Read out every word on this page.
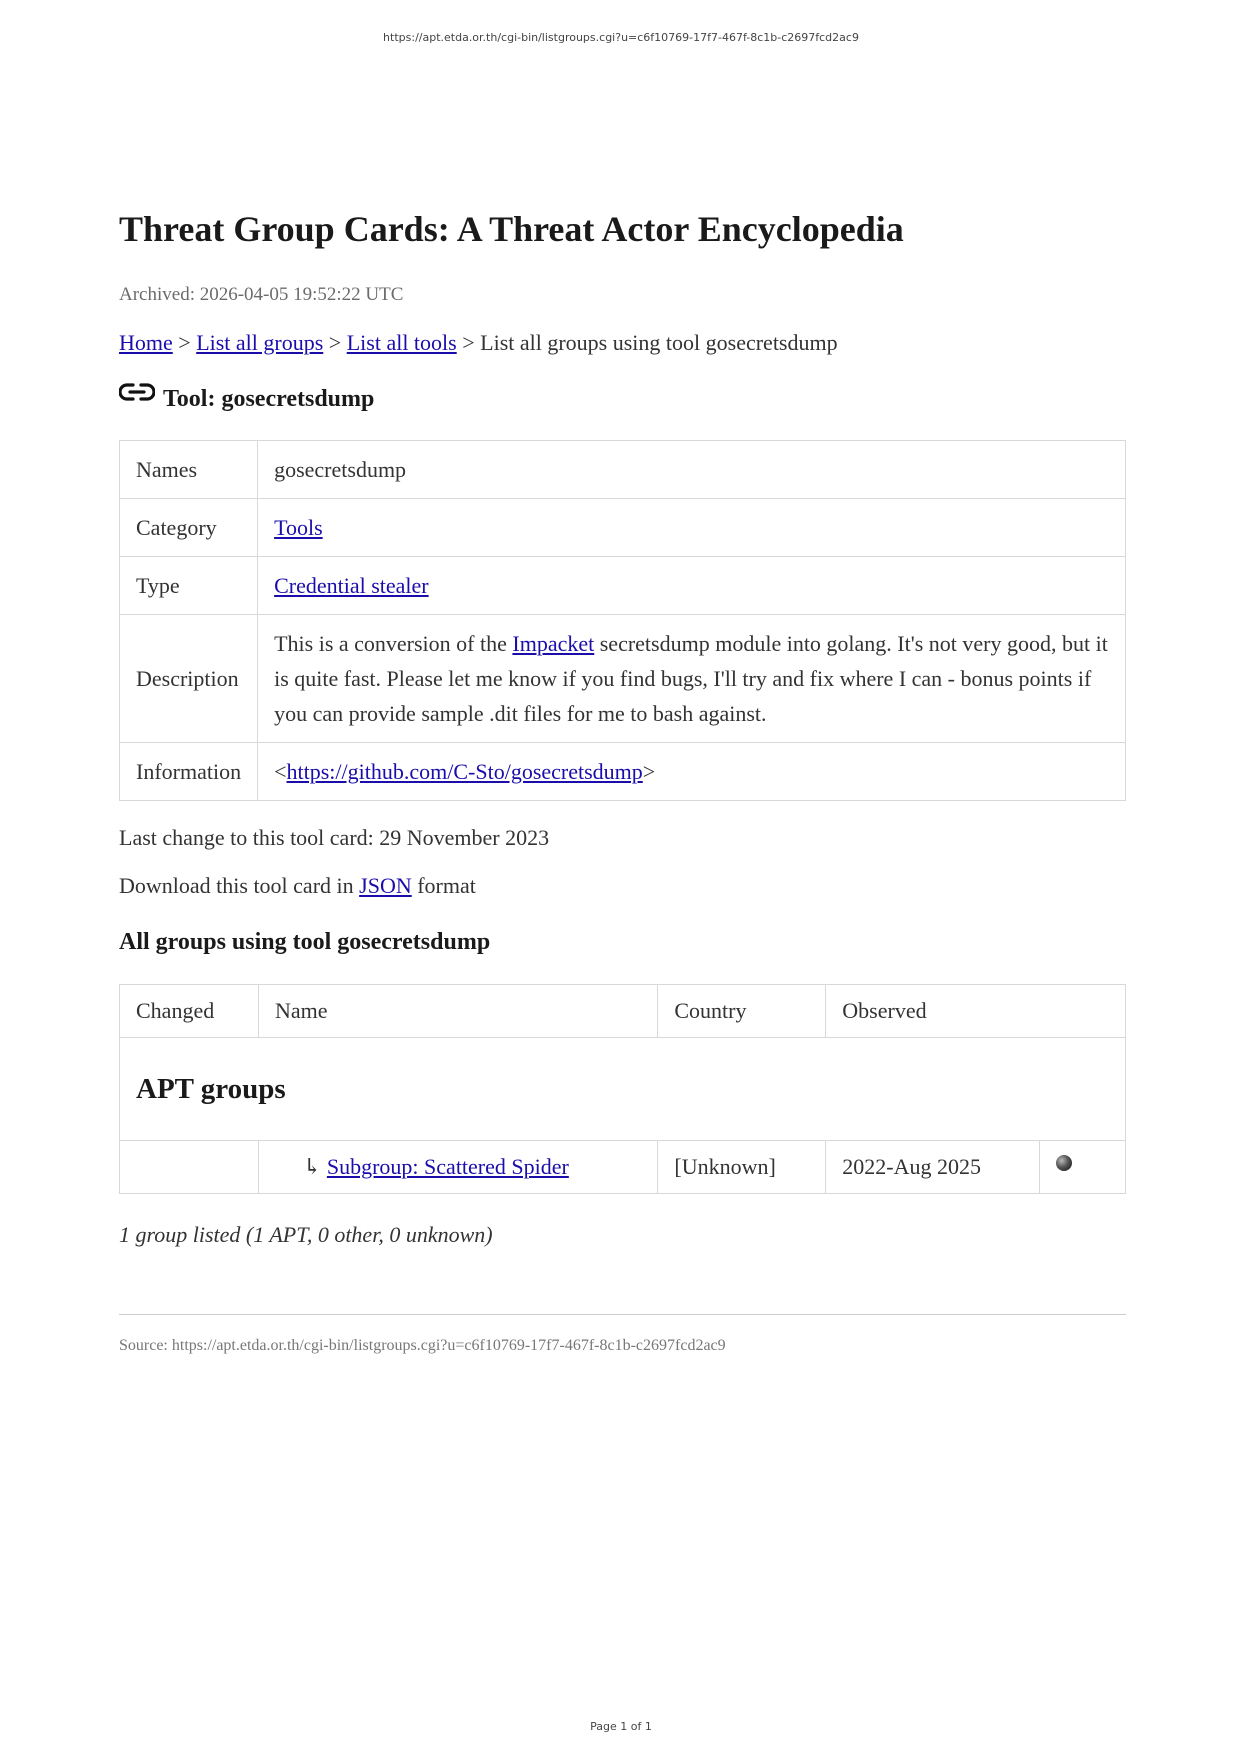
https://apt.etda.or.th/cgi-bin/listgroups.cgi?u=c6f10769-17f7-467f-8c1b-c2697fcd2ac9
Threat Group Cards: A Threat Actor Encyclopedia
Archived: 2026-04-05 19:52:22 UTC
Home > List all groups > List all tools > List all groups using tool gosecretsdump
Tool: gosecretsdump
Names	gosecretsdump
Category	Tools
Type	Credential stealer
Description	This is a conversion of the Impacket secretsdump module into golang. It's not very good, but it is quite fast. Please let me know if you find bugs, I'll try and fix where I can - bonus points if you can provide sample .dit files for me to bash against.
Information	<https://github.com/C-Sto/gosecretsdump>
Last change to this tool card: 29 November 2023
Download this tool card in JSON format
All groups using tool gosecretsdump
Changed	Name	Country	Observed	
APT groups				
	↳ Subgroup: Scattered Spider	[Unknown]	2022-Aug 2025	
1 group listed (1 APT, 0 other, 0 unknown)
Source: https://apt.etda.or.th/cgi-bin/listgroups.cgi?u=c6f10769-17f7-467f-8c1b-c2697fcd2ac9
Page 1 of 1
